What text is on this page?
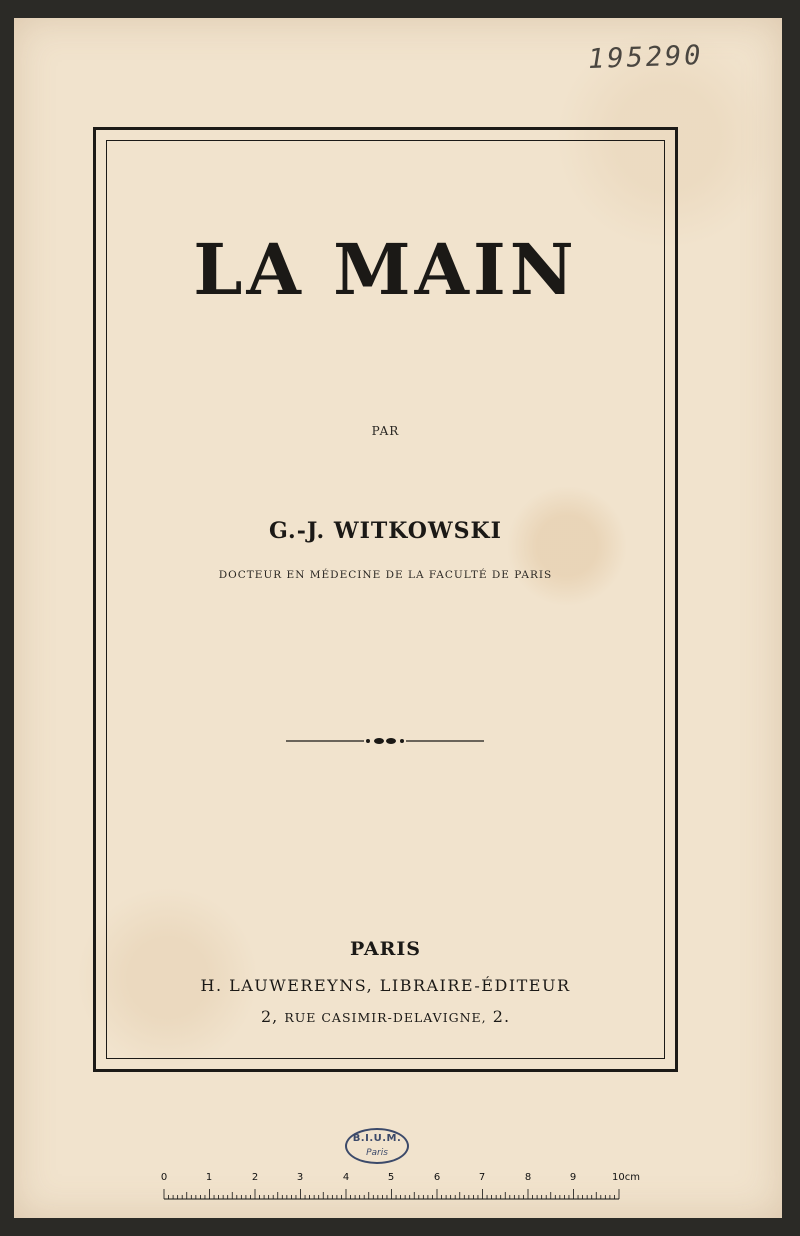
195290
LA MAIN
PAR
G.-J. WITKOWSKI
DOCTEUR EN MÉDECINE DE LA FACULTÉ DE PARIS
PARIS
H. LAUWEREYNS, LIBRAIRE-ÉDITEUR
2, RUE CASIMIR-DELAVIGNE, 2.
B.I.U.M.
Paris
0	1	2	3	4	5	6	7	8	9	10cm
